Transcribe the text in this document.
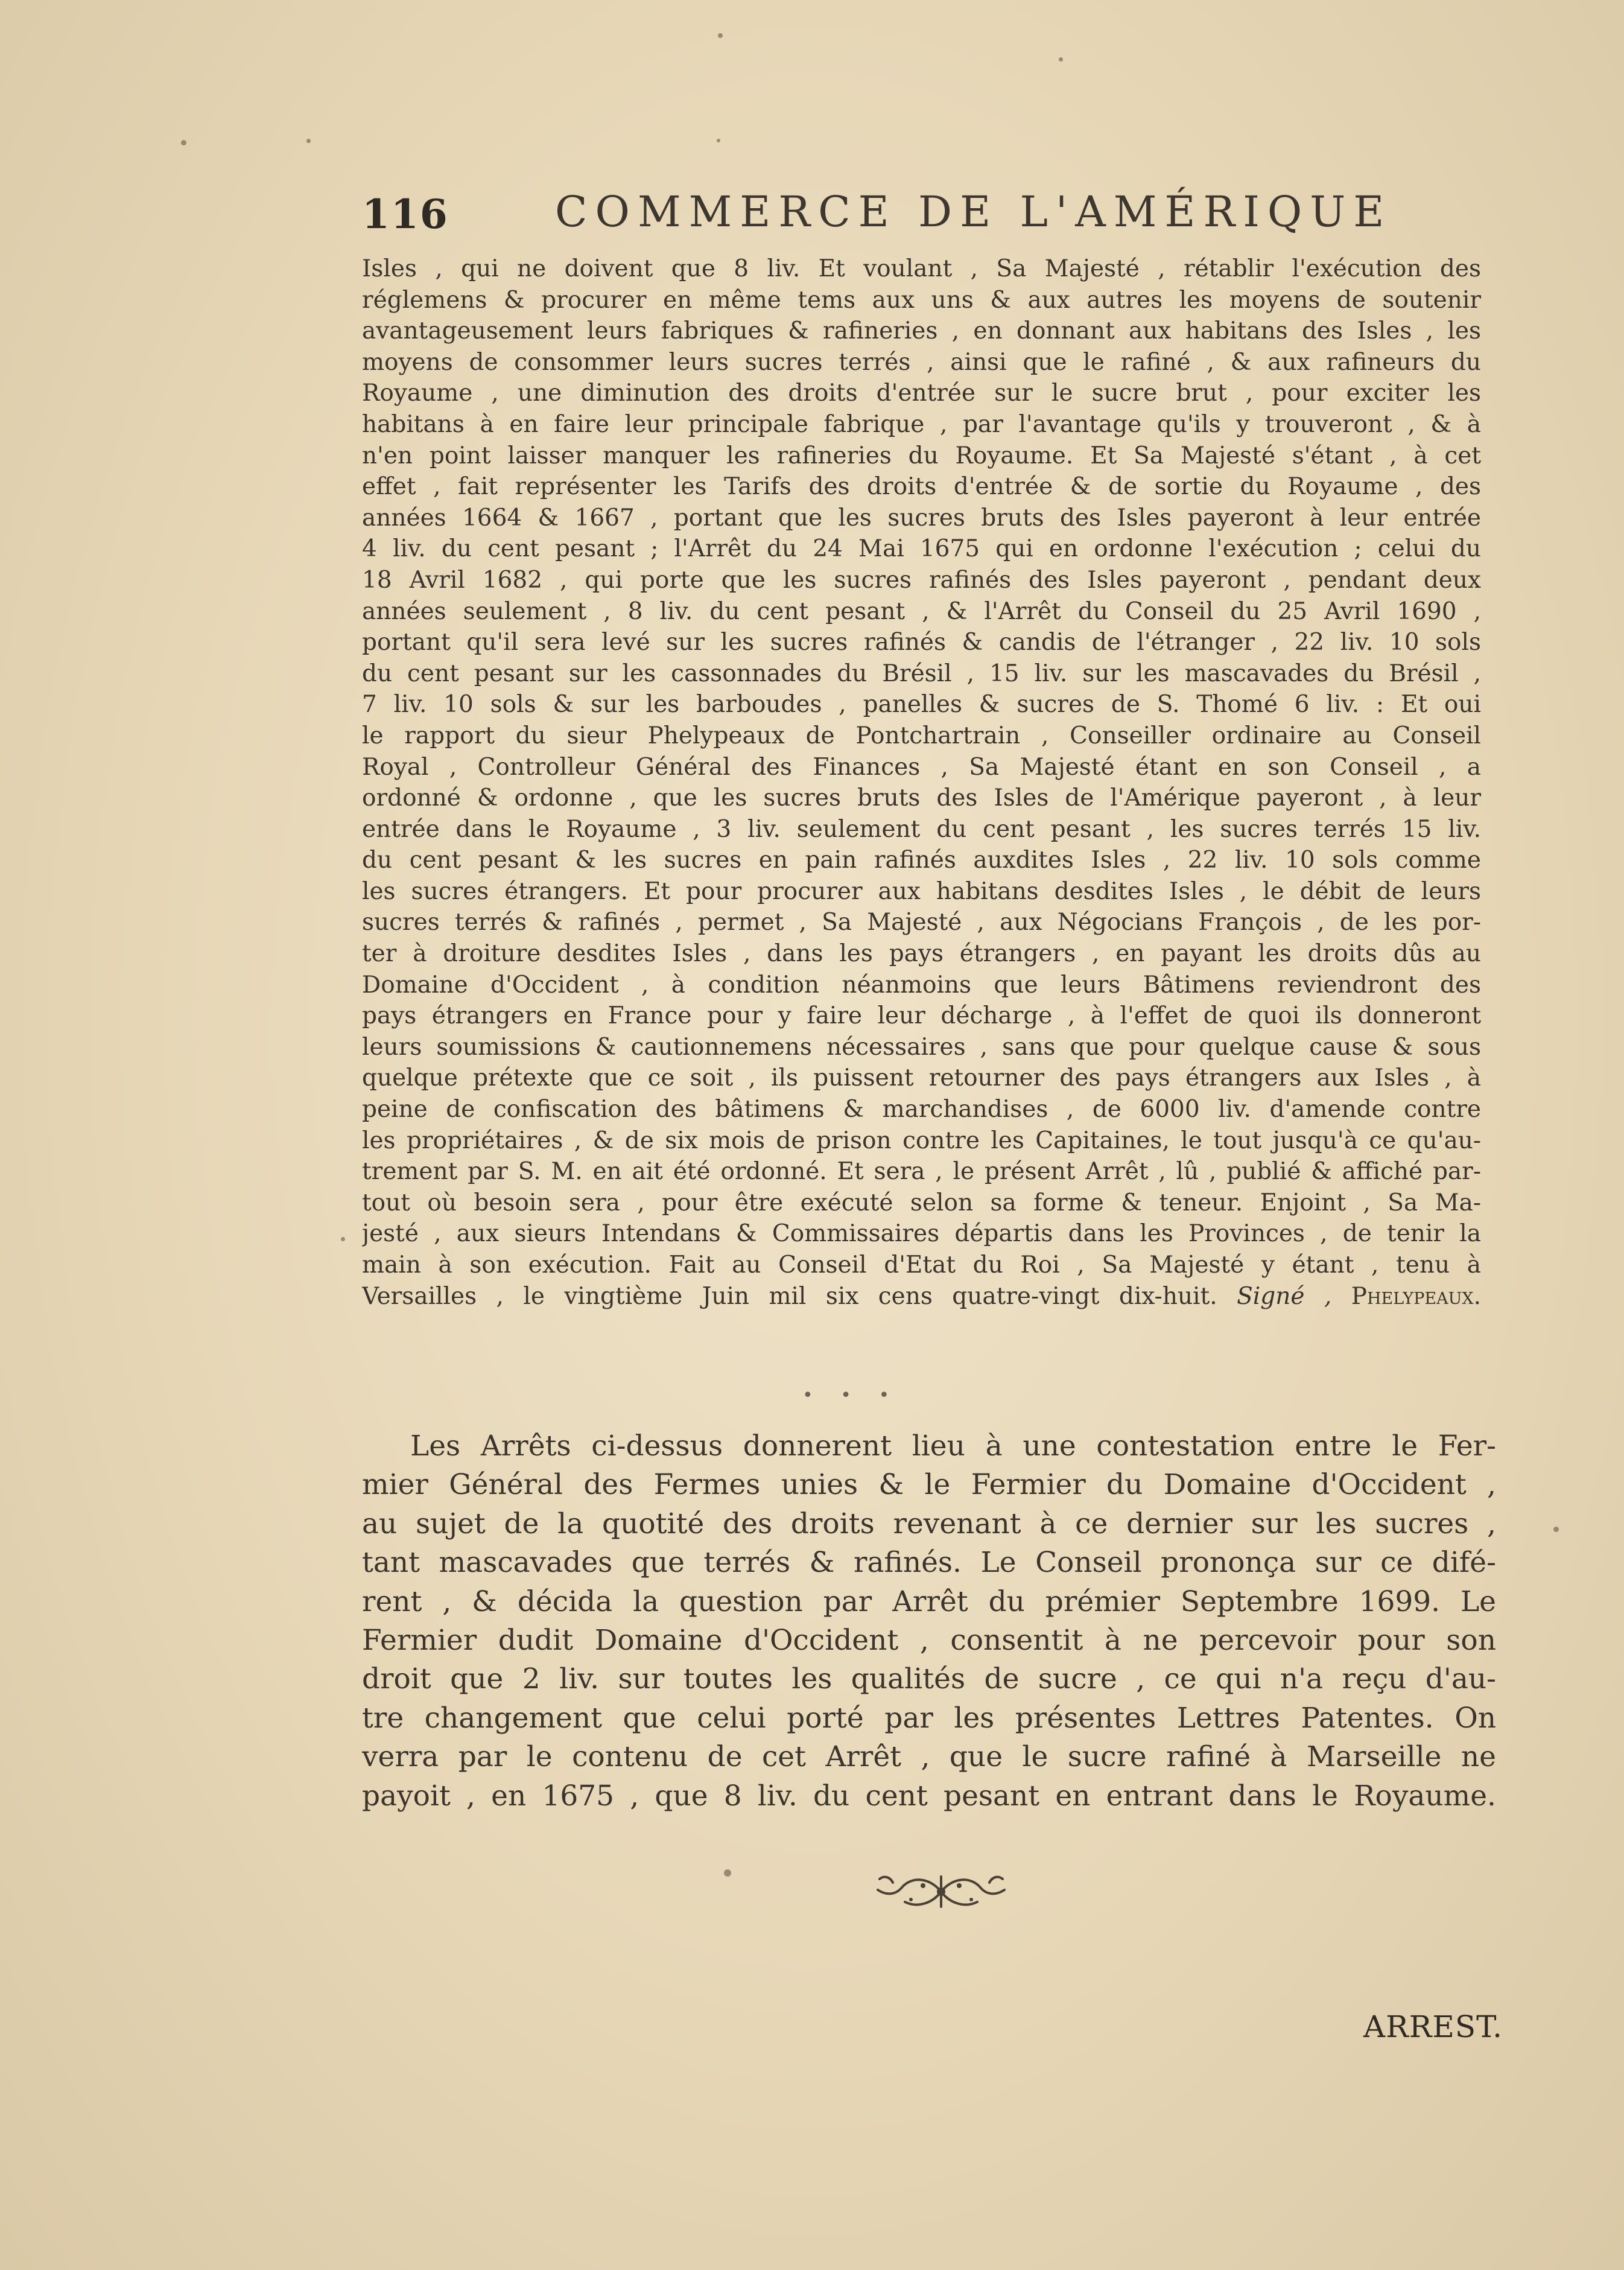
116	COMMERCE DE L'AMÉRIQUE
Isles , qui ne doivent que 8 liv. Et voulant , Sa Majesté , rétablir l'exécution des
réglemens & procurer en même tems aux uns & aux autres les moyens de soutenir
avantageusement leurs fabriques & rafineries , en donnant aux habitans des Isles , les
moyens de consommer leurs sucres terrés , ainsi que le rafiné , & aux rafineurs du
Royaume , une diminution des droits d'entrée sur le sucre brut , pour exciter les
habitans à en faire leur principale fabrique , par l'avantage qu'ils y trouveront , & à
n'en point laisser manquer les rafineries du Royaume. Et Sa Majesté s'étant , à cet
effet , fait représenter les Tarifs des droits d'entrée & de sortie du Royaume , des
années 1664 & 1667 , portant que les sucres bruts des Isles payeront à leur entrée
4 liv. du cent pesant ; l'Arrêt du 24 Mai 1675 qui en ordonne l'exécution ; celui du
18 Avril 1682 , qui porte que les sucres rafinés des Isles payeront , pendant deux
années seulement , 8 liv. du cent pesant , & l'Arrêt du Conseil du 25 Avril 1690 ,
portant qu'il sera levé sur les sucres rafinés & candis de l'étranger , 22 liv. 10 sols
du cent pesant sur les cassonnades du Brésil , 15 liv. sur les mascavades du Brésil ,
7 liv. 10 sols & sur les barboudes , panelles & sucres de S. Thomé 6 liv. : Et oui
le rapport du sieur Phelypeaux de Pontchartrain , Conseiller ordinaire au Conseil
Royal , Controlleur Général des Finances , Sa Majesté étant en son Conseil , a
ordonné & ordonne , que les sucres bruts des Isles de l'Amérique payeront , à leur
entrée dans le Royaume , 3 liv. seulement du cent pesant , les sucres terrés 15 liv.
du cent pesant & les sucres en pain rafinés auxdites Isles , 22 liv. 10 sols comme
les sucres étrangers. Et pour procurer aux habitans desdites Isles , le débit de leurs
sucres terrés & rafinés , permet , Sa Majesté , aux Négocians François , de les por-
ter à droiture desdites Isles , dans les pays étrangers , en payant les droits dûs au
Domaine d'Occident , à condition néanmoins que leurs Bâtimens reviendront des
pays étrangers en France pour y faire leur décharge , à l'effet de quoi ils donneront
leurs soumissions & cautionnemens nécessaires , sans que pour quelque cause & sous
quelque prétexte que ce soit , ils puissent retourner des pays étrangers aux Isles , à
peine de confiscation des bâtimens & marchandises , de 6000 liv. d'amende contre
les propriétaires , & de six mois de prison contre les Capitaines, le tout jusqu'à ce qu'au-
trement par S. M. en ait été ordonné. Et sera , le présent Arrêt , lû , publié & affiché par-
tout où besoin sera , pour être exécuté selon sa forme & teneur. Enjoint , Sa Ma-
jesté , aux sieurs Intendans & Commissaires départis dans les Provinces , de tenir la
main à son exécution. Fait au Conseil d'Etat du Roi , Sa Majesté y étant , tenu à
Versailles , le vingtième Juin mil six cens quatre-vingt dix-huit. Signé , Phelypeaux.
• • •
Les Arrêts ci-dessus donnerent lieu à une contestation entre le Fer-
mier Général des Fermes unies & le Fermier du Domaine d'Occident ,
au sujet de la quotité des droits revenant à ce dernier sur les sucres ,
tant mascavades que terrés & rafinés. Le Conseil prononça sur ce difé-
rent , & décida la question par Arrêt du prémier Septembre 1699. Le
Fermier dudit Domaine d'Occident , consentit à ne percevoir pour son
droit que 2 liv. sur toutes les qualités de sucre , ce qui n'a reçu d'au-
tre changement que celui porté par les présentes Lettres Patentes. On
verra par le contenu de cet Arrêt , que le sucre rafiné à Marseille ne
payoit , en 1675 , que 8 liv. du cent pesant en entrant dans le Royaume.
ARREST.
